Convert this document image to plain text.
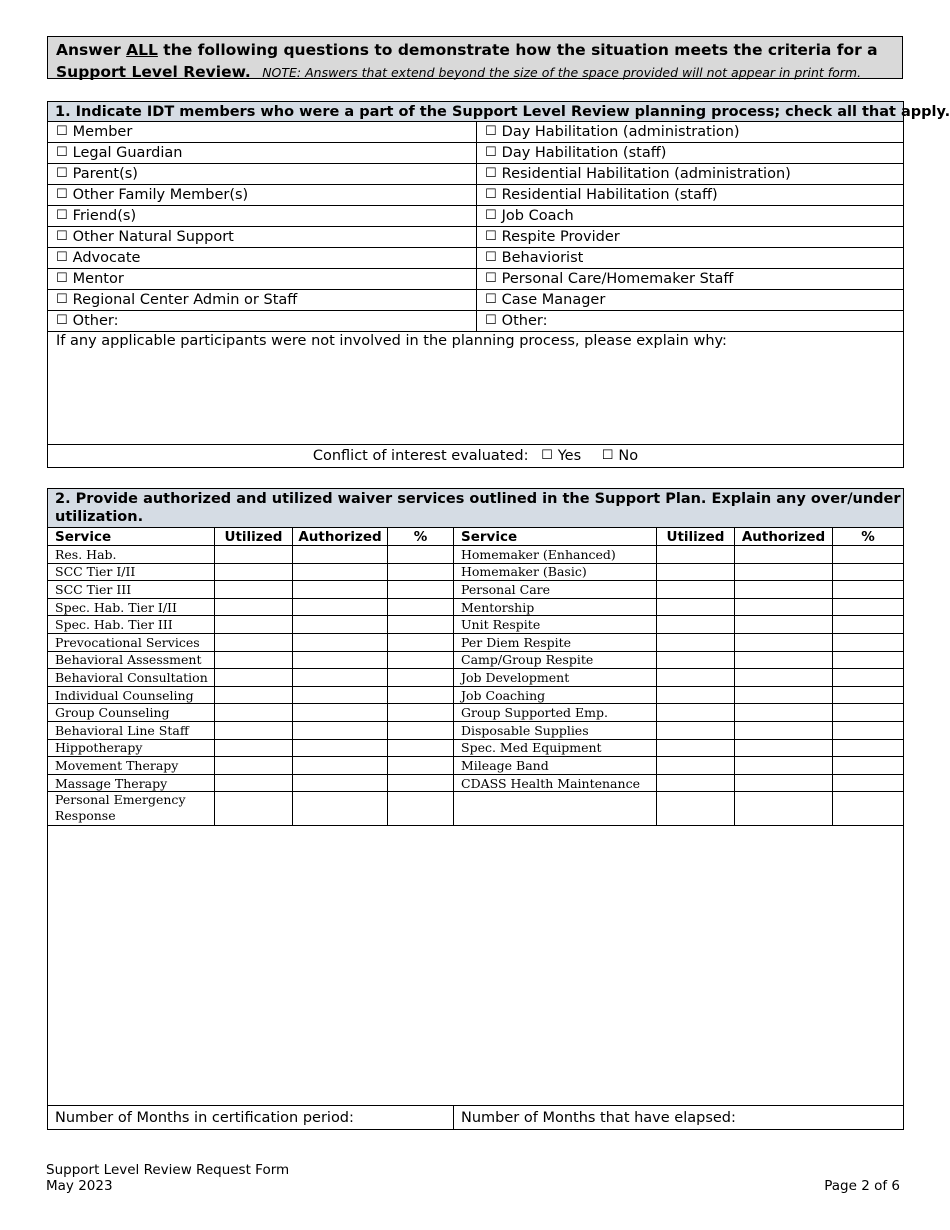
Answer ALL the following questions to demonstrate how the situation meets the criteria for a
Support Level Review. NOTE: Answers that extend beyond the size of the space provided will not appear in print form.
1. Indicate IDT members who were a part of the Support Level Review planning process; check all that apply.	
☐ Member	☐ Day Habilitation (administration)
☐ Legal Guardian	☐ Day Habilitation (staff)
☐ Parent(s)	☐ Residential Habilitation (administration)
☐ Other Family Member(s)	☐ Residential Habilitation (staff)
☐ Friend(s)	☐ Job Coach
☐ Other Natural Support	☐ Respite Provider
☐ Advocate	☐ Behaviorist
☐ Mentor	☐ Personal Care/Homemaker Staff
☐ Regional Center Admin or Staff	☐ Case Manager
☐ Other:	☐ Other:
If any applicable participants were not involved in the planning process, please explain why:	
Conflict of interest evaluated: ☐ Yes ☐ No	
2. Provide authorized and utilized waiver services outlined in the Support Plan. Explain any over/under utilization.							
Service	Utilized	Authorized	%	Service	Utilized	Authorized	%
Res. Hab.				Homemaker (Enhanced)			
SCC Tier I/II				Homemaker (Basic)			
SCC Tier III				Personal Care			
Spec. Hab. Tier I/II				Mentorship			
Spec. Hab. Tier III				Unit Respite			
Prevocational Services				Per Diem Respite			
Behavioral Assessment				Camp/Group Respite			
Behavioral Consultation				Job Development			
Individual Counseling				Job Coaching			
Group Counseling				Group Supported Emp.			
Behavioral Line Staff				Disposable Supplies			
Hippotherapy				Spec. Med Equipment			
Movement Therapy				Mileage Band			
Massage Therapy				CDASS Health Maintenance			
Personal Emergency Response							

Number of Months in certification period:				Number of Months that have elapsed:			
Support Level Review Request Form
May 2023	Page 2 of 6
